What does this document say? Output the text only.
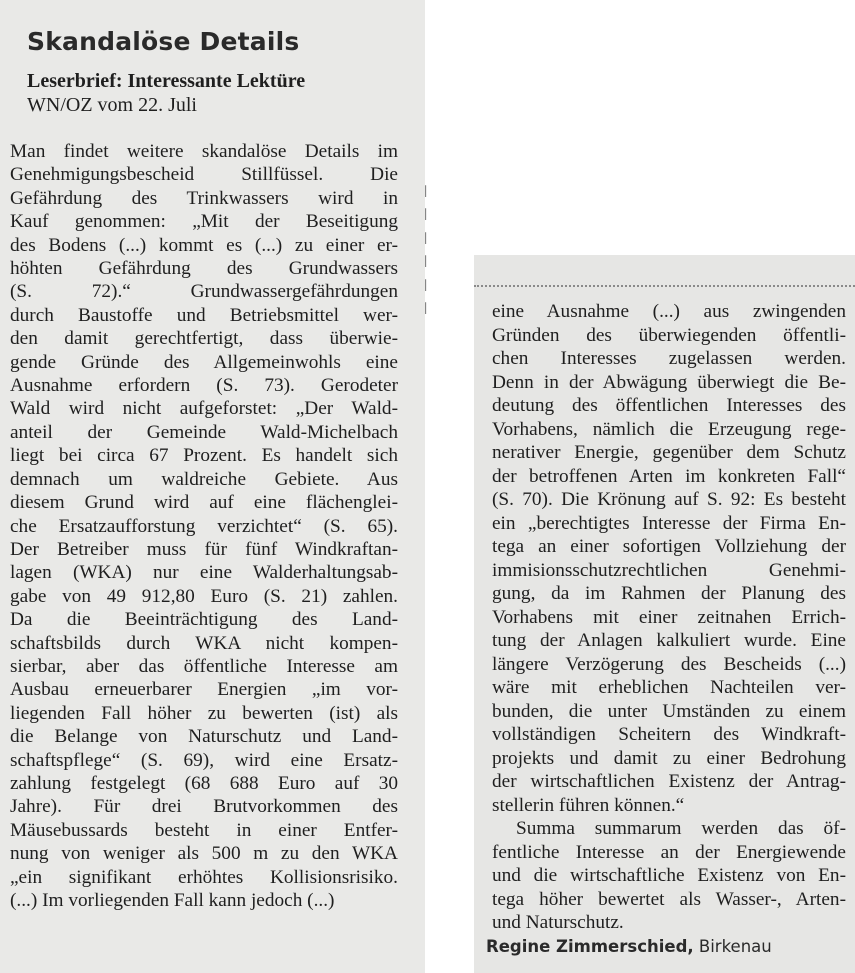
Skandalöse Details
Leserbrief: Interessante Lektüre
WN/OZ vom 22. Juli
Man findet weitere skandalöse Details im
Genehmigungsbescheid Stillfüssel. Die
Gefährdung des Trinkwassers wird in
Kauf genommen: „Mit der Beseitigung
des Bodens (...) kommt es (...) zu einer er-
höhten Gefährdung des Grundwassers
(S. 72).“ Grundwassergefährdungen
durch Baustoffe und Betriebsmittel wer-
den damit gerechtfertigt, dass überwie-
gende Gründe des Allgemeinwohls eine
Ausnahme erfordern (S. 73). Gerodeter
Wald wird nicht aufgeforstet: „Der Wald-
anteil der Gemeinde Wald-Michelbach
liegt bei circa 67 Prozent. Es handelt sich
demnach um waldreiche Gebiete. Aus
diesem Grund wird auf eine flächenglei-
che Ersatzaufforstung verzichtet“ (S. 65).
Der Betreiber muss für fünf Windkraftan-
lagen (WKA) nur eine Walderhaltungsab-
gabe von 49 912,80 Euro (S. 21) zahlen.
Da die Beeinträchtigung des Land-
schaftsbilds durch WKA nicht kompen-
sierbar, aber das öffentliche Interesse am
Ausbau erneuerbarer Energien „im vor-
liegenden Fall höher zu bewerten (ist) als
die Belange von Naturschutz und Land-
schaftspflege“ (S. 69), wird eine Ersatz-
zahlung festgelegt (68 688 Euro auf 30
Jahre). Für drei Brutvorkommen des
Mäusebussards besteht in einer Entfer-
nung von weniger als 500 m zu den WKA
„ein signifikant erhöhtes Kollisionsrisiko.
(...) Im vorliegenden Fall kann jedoch (...)
ǀ
ǀ
ǀ
ǀ
ǀ
ǀ	eine Ausnahme (...) aus zwingenden
Gründen des überwiegenden öffentli-
chen Interesses zugelassen werden.
Denn in der Abwägung überwiegt die Be-
deutung des öffentlichen Interesses des
Vorhabens, nämlich die Erzeugung rege-
nerativer Energie, gegenüber dem Schutz
der betroffenen Arten im konkreten Fall“
(S. 70). Die Krönung auf S. 92: Es besteht
ein „berechtigtes Interesse der Firma En-
tega an einer sofortigen Vollziehung der
immisionsschutzrechtlichen Genehmi-
gung, da im Rahmen der Planung des
Vorhabens mit einer zeitnahen Errich-
tung der Anlagen kalkuliert wurde. Eine
längere Verzögerung des Bescheids (...)
wäre mit erheblichen Nachteilen ver-
bunden, die unter Umständen zu einem
vollständigen Scheitern des Windkraft-
projekts und damit zu einer Bedrohung
der wirtschaftlichen Existenz der Antrag-
stellerin führen können.“
Summa summarum werden das öf-
fentliche Interesse an der Energiewende
und die wirtschaftliche Existenz von En-
tega höher bewertet als Wasser-, Arten-
und Naturschutz.
Regine Zimmerschied, Birkenau
